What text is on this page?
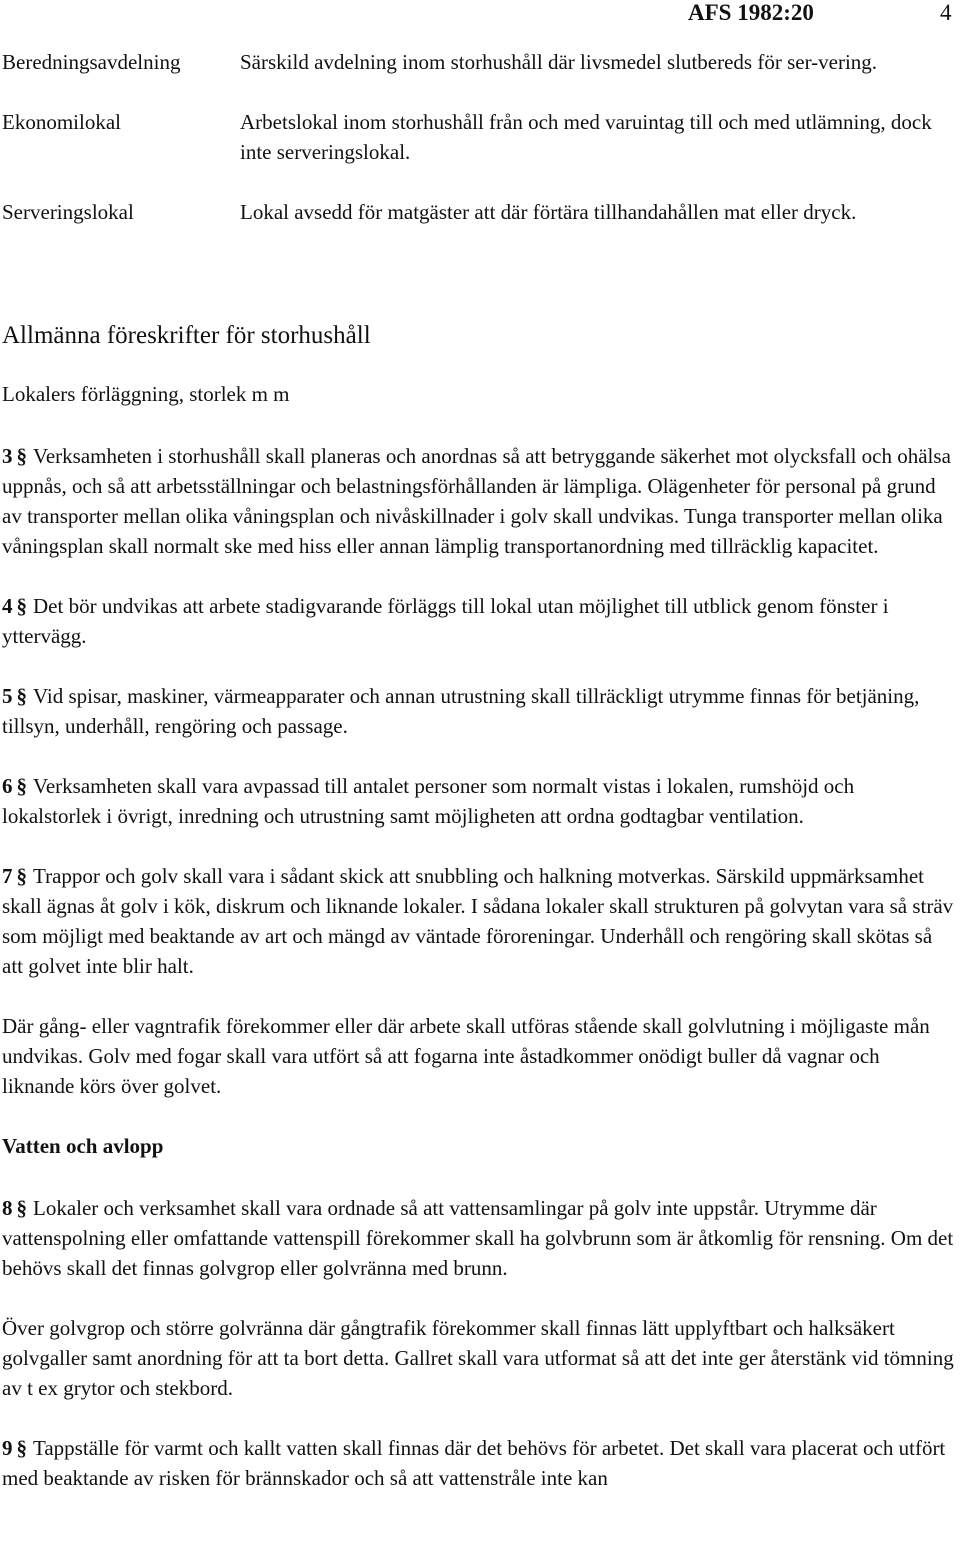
AFS 1982:20	4
Beredningsavdelning	Särskild avdelning inom storhushåll där livsmedel slutbereds för ser-vering.
Ekonomilokal	Arbetslokal inom storhushåll från och med varuintag till och med utlämning, dock inte serveringslokal.
Serveringslokal	Lokal avsedd för matgäster att där förtära tillhandahållen mat eller dryck.
Allmänna föreskrifter för storhushåll
Lokalers förläggning, storlek m m

3 § Verksamheten i storhushåll skall planeras och anordnas så att betryggande säkerhet mot olycksfall och ohälsa uppnås, och så att arbetsställningar och belastningsförhållanden är lämpliga. Olägenheter för personal på grund av transporter mellan olika våningsplan och nivåskillnader i golv skall undvikas. Tunga transporter mellan olika våningsplan skall normalt ske med hiss eller annan lämplig transportanordning med tillräcklig kapacitet.

4 § Det bör undvikas att arbete stadigvarande förläggs till lokal utan möjlighet till utblick genom fönster i yttervägg.

5 § Vid spisar, maskiner, värmeapparater och annan utrustning skall tillräckligt utrymme finnas för betjäning, tillsyn, underhåll, rengöring och passage.

6 § Verksamheten skall vara avpassad till antalet personer som normalt vistas i lokalen, rumshöjd och lokalstorlek i övrigt, inredning och utrustning samt möjligheten att ordna godtagbar ventilation.

7 § Trappor och golv skall vara i sådant skick att snubbling och halkning motverkas. Särskild uppmärksamhet skall ägnas åt golv i kök, diskrum och liknande lokaler. I sådana lokaler skall strukturen på golvytan vara så sträv som möjligt med beaktande av art och mängd av väntade föroreningar. Underhåll och rengöring skall skötas så att golvet inte blir halt.

Där gång- eller vagntrafik förekommer eller där arbete skall utföras stående skall golvlutning i möjligaste mån undvikas. Golv med fogar skall vara utfört så att fogarna inte åstadkommer onödigt buller då vagnar och liknande körs över golvet.

Vatten och avlopp

8 § Lokaler och verksamhet skall vara ordnade så att vattensamlingar på golv inte uppstår. Utrymme där vattenspolning eller omfattande vattenspill förekommer skall ha golvbrunn som är åtkomlig för rensning. Om det behövs skall det finnas golvgrop eller golvränna med brunn.

Över golvgrop och större golvränna där gångtrafik förekommer skall finnas lätt upplyftbart och halksäkert golvgaller samt anordning för att ta bort detta. Gallret skall vara utformat så att det inte ger återstänk vid tömning av t ex grytor och stekbord.

9 § Tappställe för varmt och kallt vatten skall finnas där det behövs för arbetet. Det skall vara placerat och utfört med beaktande av risken för brännskador och så att vattenstråle inte kan
